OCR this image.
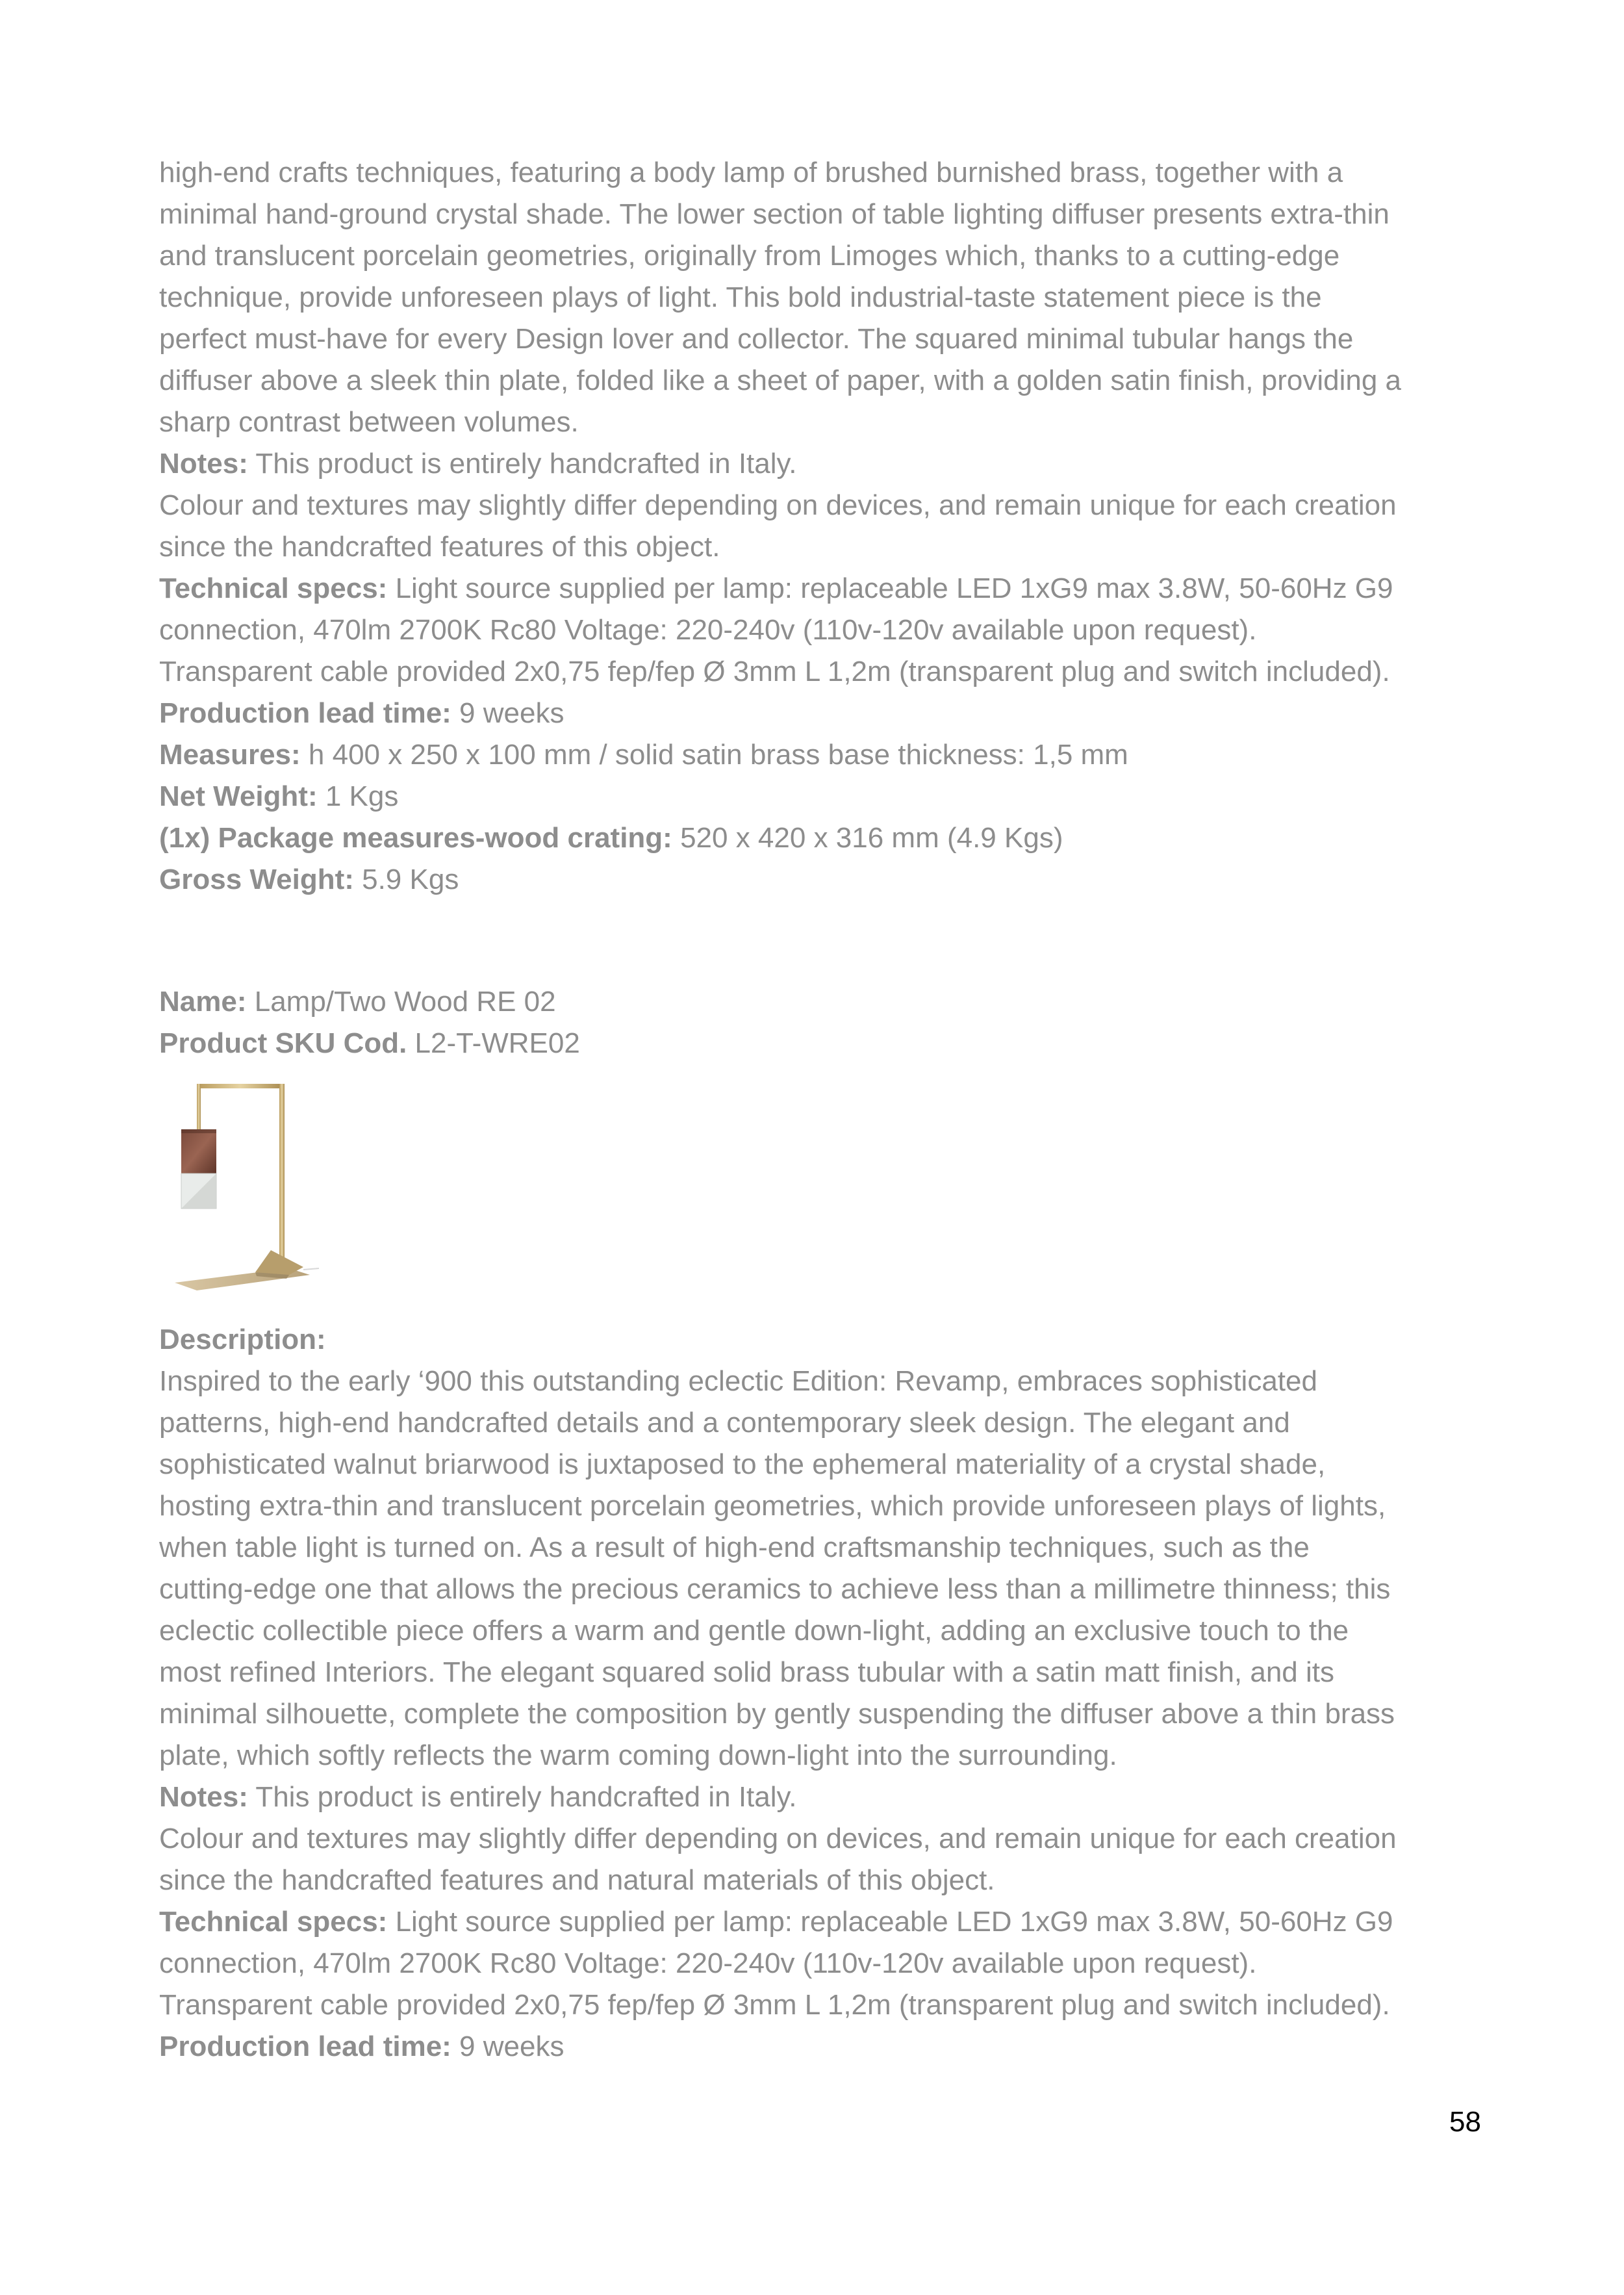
high-end crafts techniques, featuring a body lamp of brushed burnished brass, together with a
minimal hand-ground crystal shade. The lower section of table lighting diffuser presents extra-thin
and translucent porcelain geometries, originally from Limoges which, thanks to a cutting-edge
technique, provide unforeseen plays of light. This bold industrial-taste statement piece is the
perfect must-have for every Design lover and collector. The squared minimal tubular hangs the
diffuser above a sleek thin plate, folded like a sheet of paper, with a golden satin finish, providing a
sharp contrast between volumes.
Notes: This product is entirely handcrafted in Italy.
Colour and textures may slightly differ depending on devices, and remain unique for each creation
since the handcrafted features of this object.
Technical specs: Light source supplied per lamp: replaceable LED 1xG9 max 3.8W, 50-60Hz G9
connection, 470lm 2700K Rc80 Voltage: 220-240v (110v-120v available upon request).
Transparent cable provided 2x0,75 fep/fep Ø 3mm L 1,2m (transparent plug and switch included).
Production lead time: 9 weeks
Measures: h 400 x 250 x 100 mm / solid satin brass base thickness: 1,5 mm
Net Weight: 1 Kgs
(1x) Package measures-wood crating: 520 x 420 x 316 mm (4.9 Kgs)
Gross Weight: 5.9 Kgs
Name: Lamp/Two Wood RE 02
Product SKU Cod. L2-T-WRE02
Description:
Inspired to the early ‘900 this outstanding eclectic Edition: Revamp, embraces sophisticated
patterns, high-end handcrafted details and a contemporary sleek design. The elegant and
sophisticated walnut briarwood is juxtaposed to the ephemeral materiality of a crystal shade,
hosting extra-thin and translucent porcelain geometries, which provide unforeseen plays of lights,
when table light is turned on. As a result of high-end craftsmanship techniques, such as the
cutting-edge one that allows the precious ceramics to achieve less than a millimetre thinness; this
eclectic collectible piece offers a warm and gentle down-light, adding an exclusive touch to the
most refined Interiors. The elegant squared solid brass tubular with a satin matt finish, and its
minimal silhouette, complete the composition by gently suspending the diffuser above a thin brass
plate, which softly reflects the warm coming down-light into the surrounding.
Notes: This product is entirely handcrafted in Italy.
Colour and textures may slightly differ depending on devices, and remain unique for each creation
since the handcrafted features and natural materials of this object.
Technical specs: Light source supplied per lamp: replaceable LED 1xG9 max 3.8W, 50-60Hz G9
connection, 470lm 2700K Rc80 Voltage: 220-240v (110v-120v available upon request).
Transparent cable provided 2x0,75 fep/fep Ø 3mm L 1,2m (transparent plug and switch included).
Production lead time: 9 weeks
58
